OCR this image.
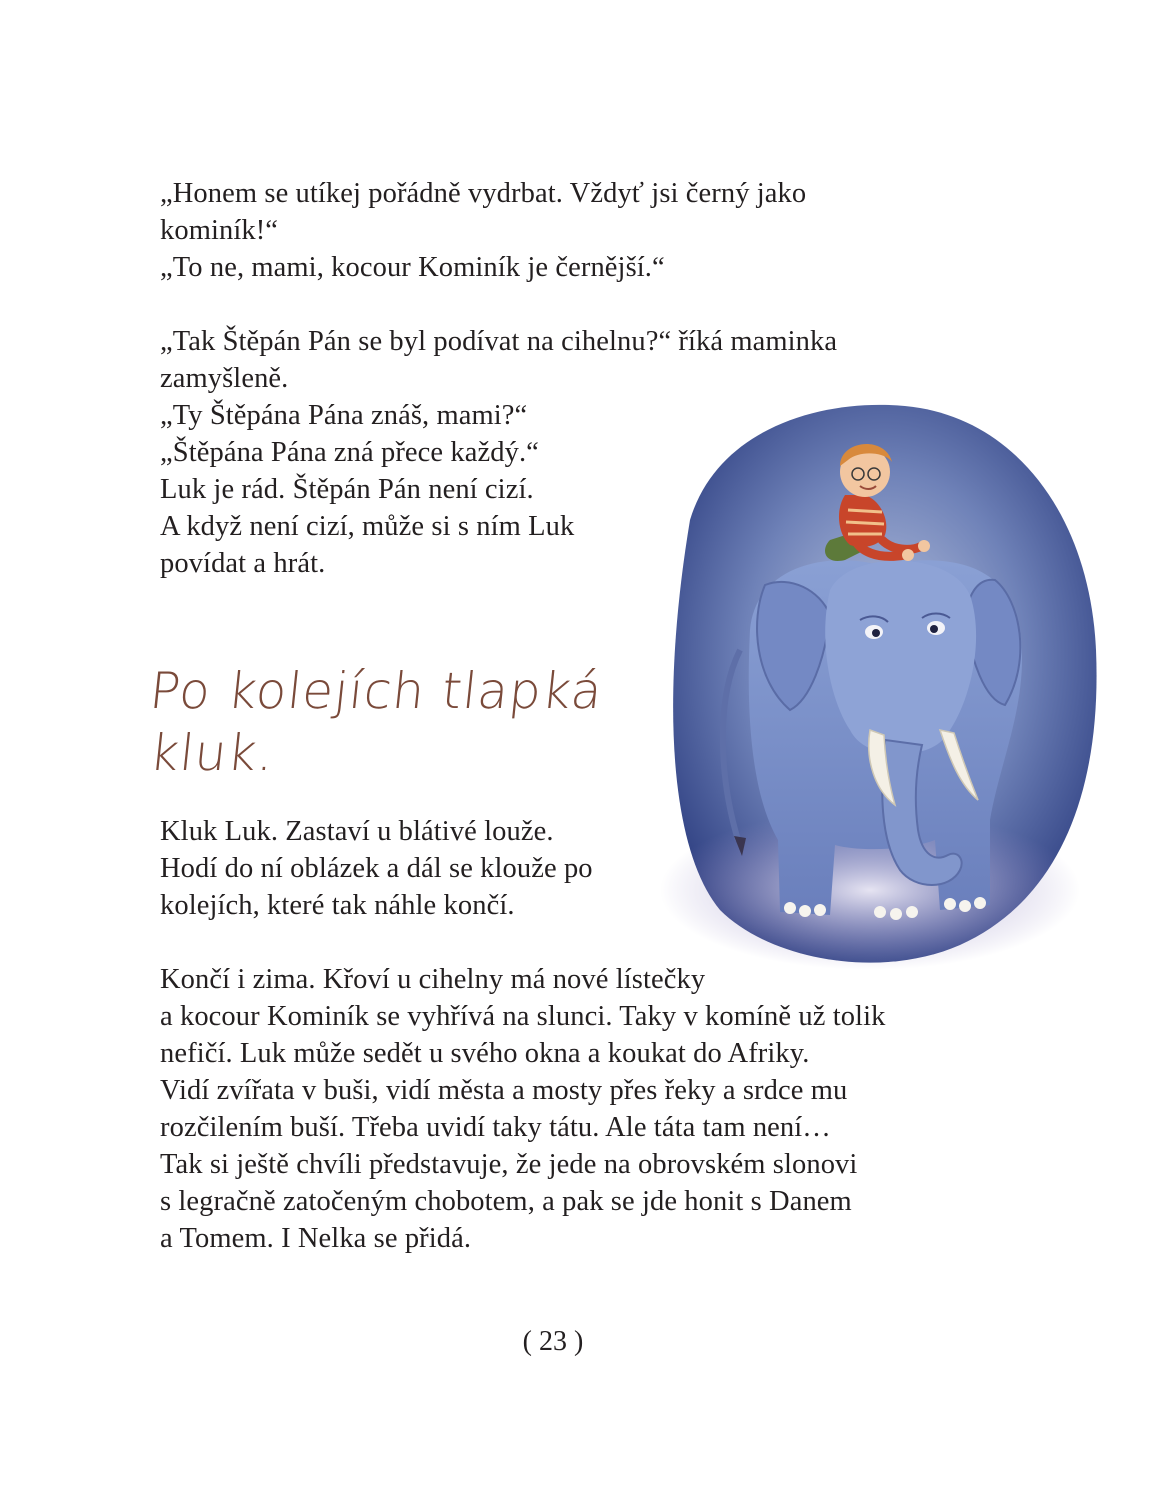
„Honem se utíkej pořádně vydrbat. Vždyť jsi černý jako
kominík!“
„To ne, mami, kocour Kominík je černější.“
„Tak Štěpán Pán se byl podívat na cihelnu?“ říká maminka
zamyšleně.
„Ty Štěpána Pána znáš, mami?“
„Štěpána Pána zná přece každý.“
Luk je rád. Štěpán Pán není cizí.
A když není cizí, může si s ním Luk
povídat a hrát.
Po kolejích tlapká
kluk.
Kluk Luk. Zastaví u blátivé louže.
Hodí do ní oblázek a dál se klouže po
kolejích, které tak náhle končí.
Končí i zima. Křoví u cihelny má nové lístečky
a kocour Kominík se vyhřívá na slunci. Taky v komíně už tolik
nefičí. Luk může sedět u svého okna a koukat do Afriky.
Vidí zvířata v buši, vidí města a mosty přes řeky a srdce mu
rozčilením buší. Třeba uvidí taky tátu. Ale táta tam není…
Tak si ještě chvíli představuje, že jede na obrovském slonovi
s legračně zatočeným chobotem, a pak se jde honit s Danem
a Tomem. I Nelka se přidá.
( 23 )
